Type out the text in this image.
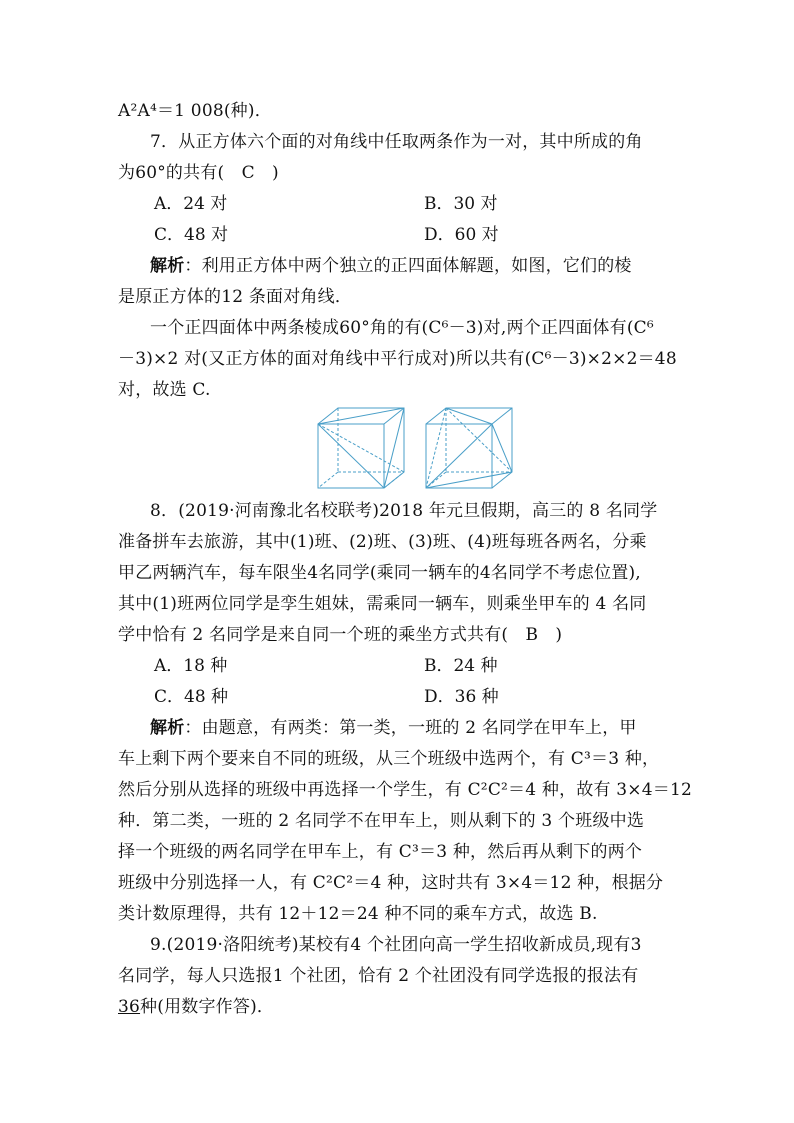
A²A⁴＝1 008(种)．
7．从正方体六个面的对角线中任取两条作为一对，其中所成的角
为60°的共有(　C　)
A．24 对	B．30 对
C．48 对	D．60 对
解析：利用正方体中两个独立的正四面体解题，如图，它们的棱
是原正方体的12 条面对角线．
一个正四面体中两条棱成60°角的有(C⁶－3)对,两个正四面体有(C⁶
－3)×2 对(又正方体的面对角线中平行成对)所以共有(C⁶－3)×2×2＝48
对，故选 C.
8．(2019·河南豫北名校联考)2018 年元旦假期，高三的 8 名同学
准备拼车去旅游，其中(1)班、(2)班、(3)班、(4)班每班各两名，分乘
甲乙两辆汽车，每车限坐4名同学(乘同一辆车的4名同学不考虑位置),
其中(1)班两位同学是孪生姐妹，需乘同一辆车，则乘坐甲车的 4 名同
学中恰有 2 名同学是来自同一个班的乘坐方式共有(　B　)
A．18 种	B．24 种
C．48 种	D．36 种
解析：由题意，有两类：第一类，一班的 2 名同学在甲车上，甲
车上剩下两个要来自不同的班级，从三个班级中选两个，有 C³＝3 种，
然后分别从选择的班级中再选择一个学生，有 C²C²＝4 种，故有 3×4＝12
种．第二类，一班的 2 名同学不在甲车上，则从剩下的 3 个班级中选
择一个班级的两名同学在甲车上，有 C³＝3 种，然后再从剩下的两个
班级中分别选择一人，有 C²C²＝4 种，这时共有 3×4＝12 种，根据分
类计数原理得，共有 12＋12＝24 种不同的乘车方式，故选 B.
9.(2019·洛阳统考)某校有4 个社团向高一学生招收新成员,现有3
名同学，每人只选报1 个社团，恰有 2 个社团没有同学选报的报法有
36种(用数字作答)．
